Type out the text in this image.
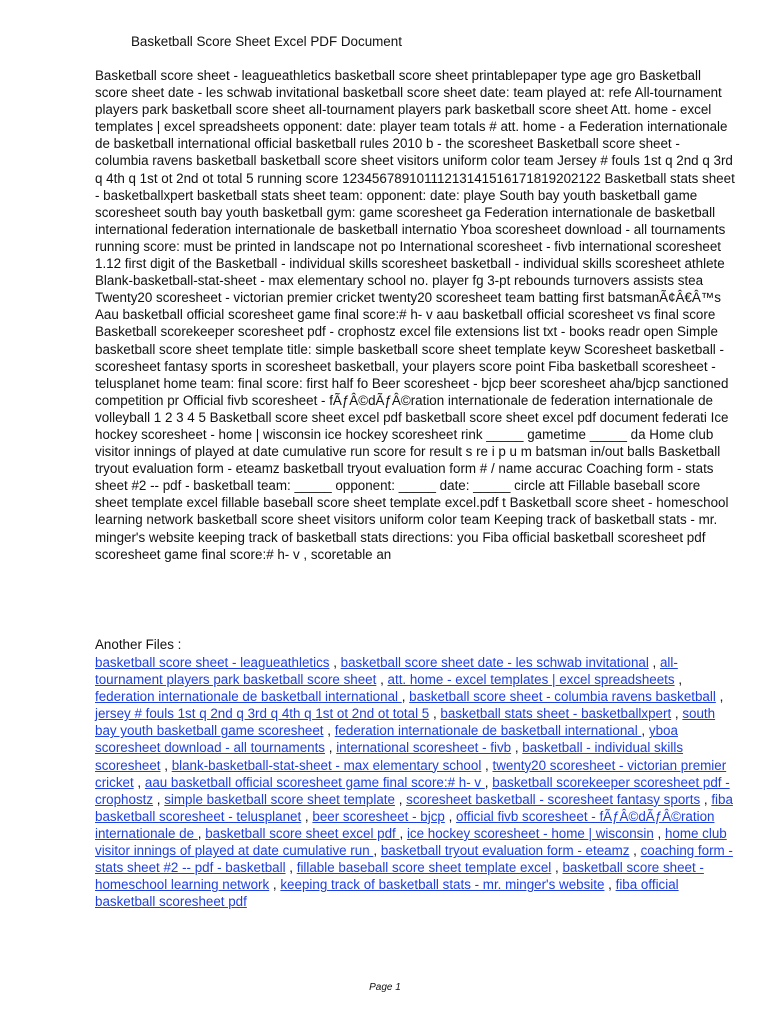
Basketball Score Sheet Excel PDF Document
Basketball score sheet - leagueathletics basketball score sheet printablepaper type age gro Basketball score sheet date - les schwab invitational basketball score sheet date: team played at: refe All-tournament players park basketball score sheet all-tournament players park basketball score sheet Att. home - excel templates | excel spreadsheets opponent: date: player team totals # att. home - a Federation internationale de basketball international official basketball rules 2010 b - the scoresheet Basketball score sheet - columbia ravens basketball basketball score sheet visitors uniform color team Jersey # fouls 1st q 2nd q 3rd q 4th q 1st ot 2nd ot total 5 running score 12345678910111213141516171819202122 Basketball stats sheet - basketballxpert basketball stats sheet team: opponent: date: playe South bay youth basketball game scoresheet south bay youth basketball gym: game scoresheet ga Federation internationale de basketball international federation internationale de basketball internatio Yboa scoresheet download - all tournaments running score: must be printed in landscape not po International scoresheet - fivb international scoresheet 1.12 first digit of the Basketball - individual skills scoresheet basketball - individual skills scoresheet athlete Blank-basketball-stat-sheet - max elementary school no. player fg 3-pt rebounds turnovers assists stea Twenty20 scoresheet - victorian premier cricket twenty20 scoresheet team batting first batsmanÃ¢Â€Â™s Aau basketball official scoresheet game final score:# h- v aau basketball official scoresheet vs final score Basketball scorekeeper scoresheet pdf - crophostz excel file extensions list txt - books readr open Simple basketball score sheet template title: simple basketball score sheet template keyw Scoresheet basketball - scoresheet fantasy sports in scoresheet basketball, your players score point Fiba basketball scoresheet - telusplanet home team: final score: first half fo Beer scoresheet - bjcp beer scoresheet aha/bjcp sanctioned competition pr Official fivb scoresheet - fÃƒÂ©dÃƒÂ©ration internationale de federation internationale de volleyball 1 2 3 4 5 Basketball score sheet excel pdf basketball score sheet excel pdf document federati Ice hockey scoresheet - home | wisconsin ice hockey scoresheet rink _____ gametime _____ da Home club visitor innings of played at date cumulative run score for result s re i p u m batsman in/out balls Basketball tryout evaluation form - eteamz basketball tryout evaluation form # / name accurac Coaching form - stats sheet #2 -- pdf - basketball team: _____ opponent: _____ date: _____ circle att Fillable baseball score sheet template excel fillable baseball score sheet template excel.pdf t Basketball score sheet - homeschool learning network basketball score sheet visitors uniform color team Keeping track of basketball stats - mr. minger's website keeping track of basketball stats directions: you Fiba official basketball scoresheet pdf scoresheet game final score:# h- v , scoretable an
Another Files :
basketball score sheet - leagueathletics , basketball score sheet date - les schwab invitational , all-tournament players park basketball score sheet , att. home - excel templates | excel spreadsheets , federation internationale de basketball international , basketball score sheet - columbia ravens basketball , jersey # fouls 1st q 2nd q 3rd q 4th q 1st ot 2nd ot total 5 , basketball stats sheet - basketballxpert , south bay youth basketball game scoresheet , federation internationale de basketball international , yboa scoresheet download - all tournaments , international scoresheet - fivb , basketball - individual skills scoresheet , blank-basketball-stat-sheet - max elementary school , twenty20 scoresheet - victorian premier cricket , aau basketball official scoresheet game final score:# h- v , basketball scorekeeper scoresheet pdf - crophostz , simple basketball score sheet template , scoresheet basketball - scoresheet fantasy sports , fiba basketball scoresheet - telusplanet , beer scoresheet - bjcp , official fivb scoresheet - fÃƒÂ©dÃƒÂ©ration internationale de , basketball score sheet excel pdf , ice hockey scoresheet - home | wisconsin , home club visitor innings of played at date cumulative run , basketball tryout evaluation form - eteamz , coaching form - stats sheet #2 -- pdf - basketball , fillable baseball score sheet template excel , basketball score sheet - homeschool learning network , keeping track of basketball stats - mr. minger's website , fiba official basketball scoresheet pdf
Page 1
